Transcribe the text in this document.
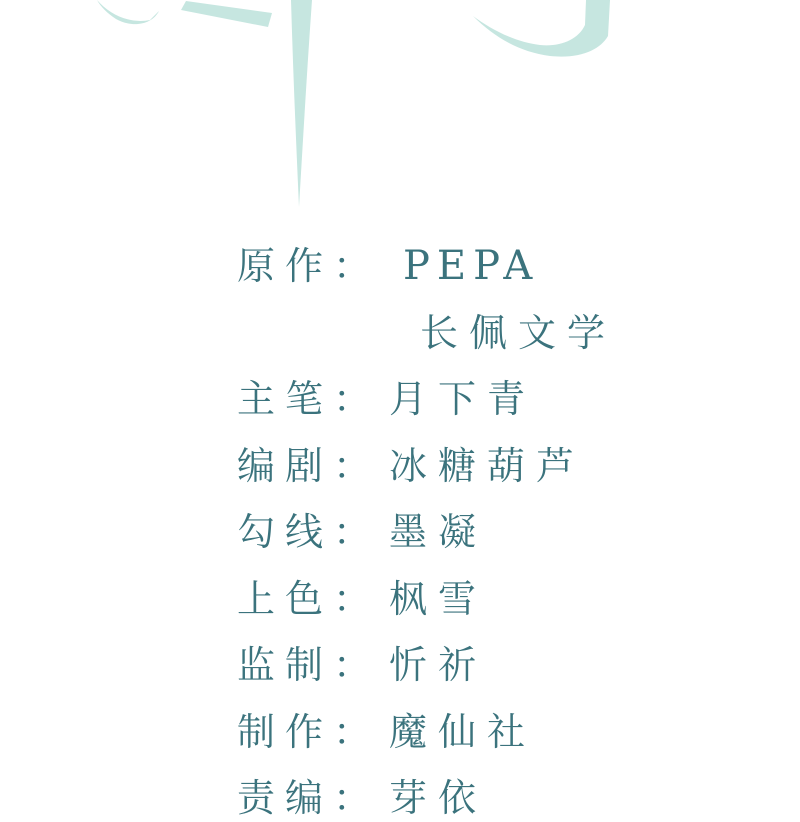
原作： PEPA
长佩文学
主笔： 月下青
编剧： 冰糖葫芦
勾线： 墨凝
上色： 枫雪
监制： 忻祈
制作： 魔仙社
责编： 芽依
